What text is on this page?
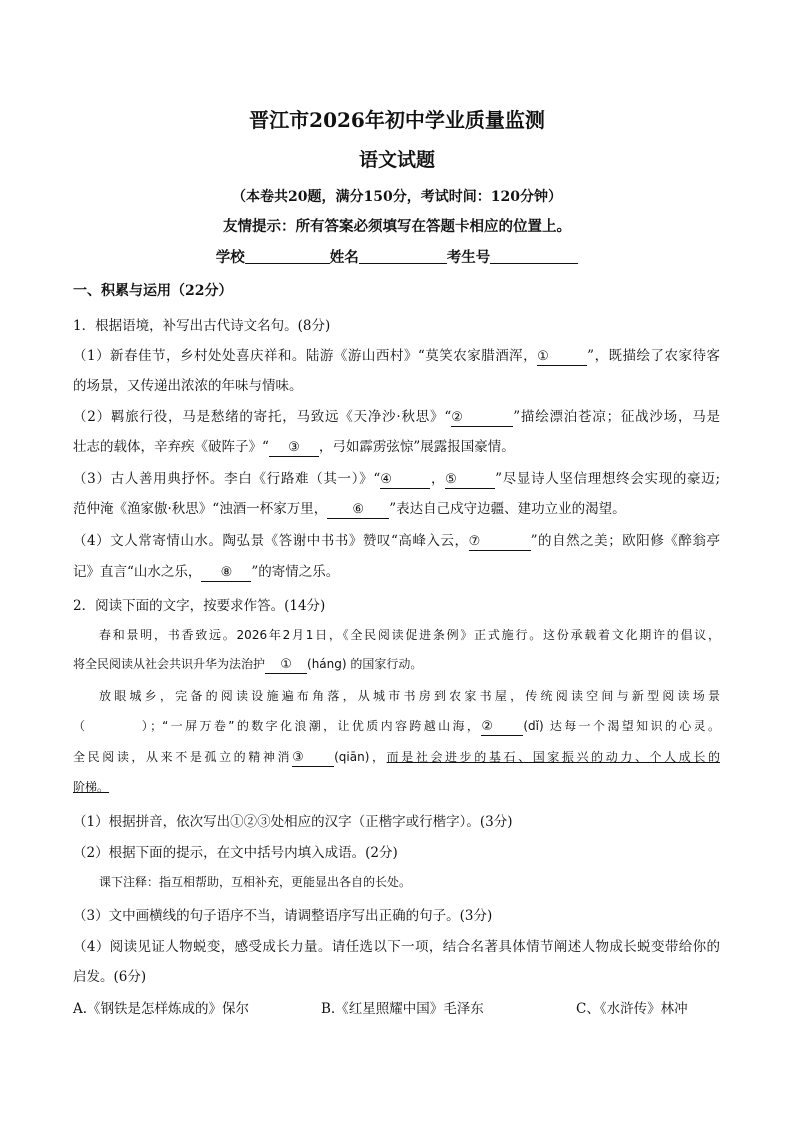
晋江市2026年初中学业质量监测
语文试题
（本卷共20题，满分150分，考试时间：120分钟）
友情提示：所有答案必须填写在答题卡相应的位置上。
学校	姓名	考生号
一、积累与运用（22分）
1．根据语境，补写出古代诗文名句。(8分)
（1）新春佳节，乡村处处喜庆祥和。陆游《游山西村》“莫笑农家腊酒浑，①	”，既描绘了农家待客
的场景，又传递出浓浓的年味与情味。
（2）羁旅行役，马是愁绪的寄托，马致远《天净沙·秋思》“②	”描绘漂泊苍凉；征战沙场，马是
壮志的载体，辛弃疾《破阵子》“ ③ ，弓如霹雳弦惊”展露报国豪情。
（3）古人善用典抒怀。李白《行路难（其一）》“④	，⑤	”尽显诗人坚信理想终会实现的豪迈;
范仲淹《渔家傲·秋思》“浊酒一杯家万里， ⑥ ”表达自己戍守边疆、建功立业的渴望。
（4）文人常寄情山水。陶弘景《答谢中书书》赞叹“高峰入云，⑦	”的自然之美；欧阳修《醉翁亭
记》直言“山水之乐， ⑧ ”的寄情之乐。
2．阅读下面的文字，按要求作答。(14分)
春和景明，书香致远。2026年2月1日，《全民阅读促进条例》正式施行。这份承载着文化期许的倡议，
将全民阅读从社会共识升华为法治护 ① (háng) 的国家行动。
放眼城乡，完备的阅读设施遍布角落，从城市书房到农家书屋，传统阅读空间与新型阅读场景
（	）；“一屏万卷”的数字化浪潮，让优质内容跨越山海，②	(dǐ) 达每一个渴望知识的心灵。
全民阅读，从来不是孤立的精神消③	(qiān)，而是社会进步的基石、国家振兴的动力、个人成长的
阶梯。
（1）根据拼音，依次写出①②③处相应的汉字（正楷字或行楷字）。(3分)
（2）根据下面的提示，在文中括号内填入成语。(2分)
课下注释：指互相帮助，互相补充，更能显出各自的长处。
（3）文中画横线的句子语序不当，请调整语序写出正确的句子。(3分)
（4）阅读见证人物蜕变，感受成长力量。请任选以下一项，结合名著具体情节阐述人物成长蜕变带给你的
启发。(6分)
A.《钢铁是怎样炼成的》保尔	B.《红星照耀中国》毛泽东	C、《水浒传》林冲
